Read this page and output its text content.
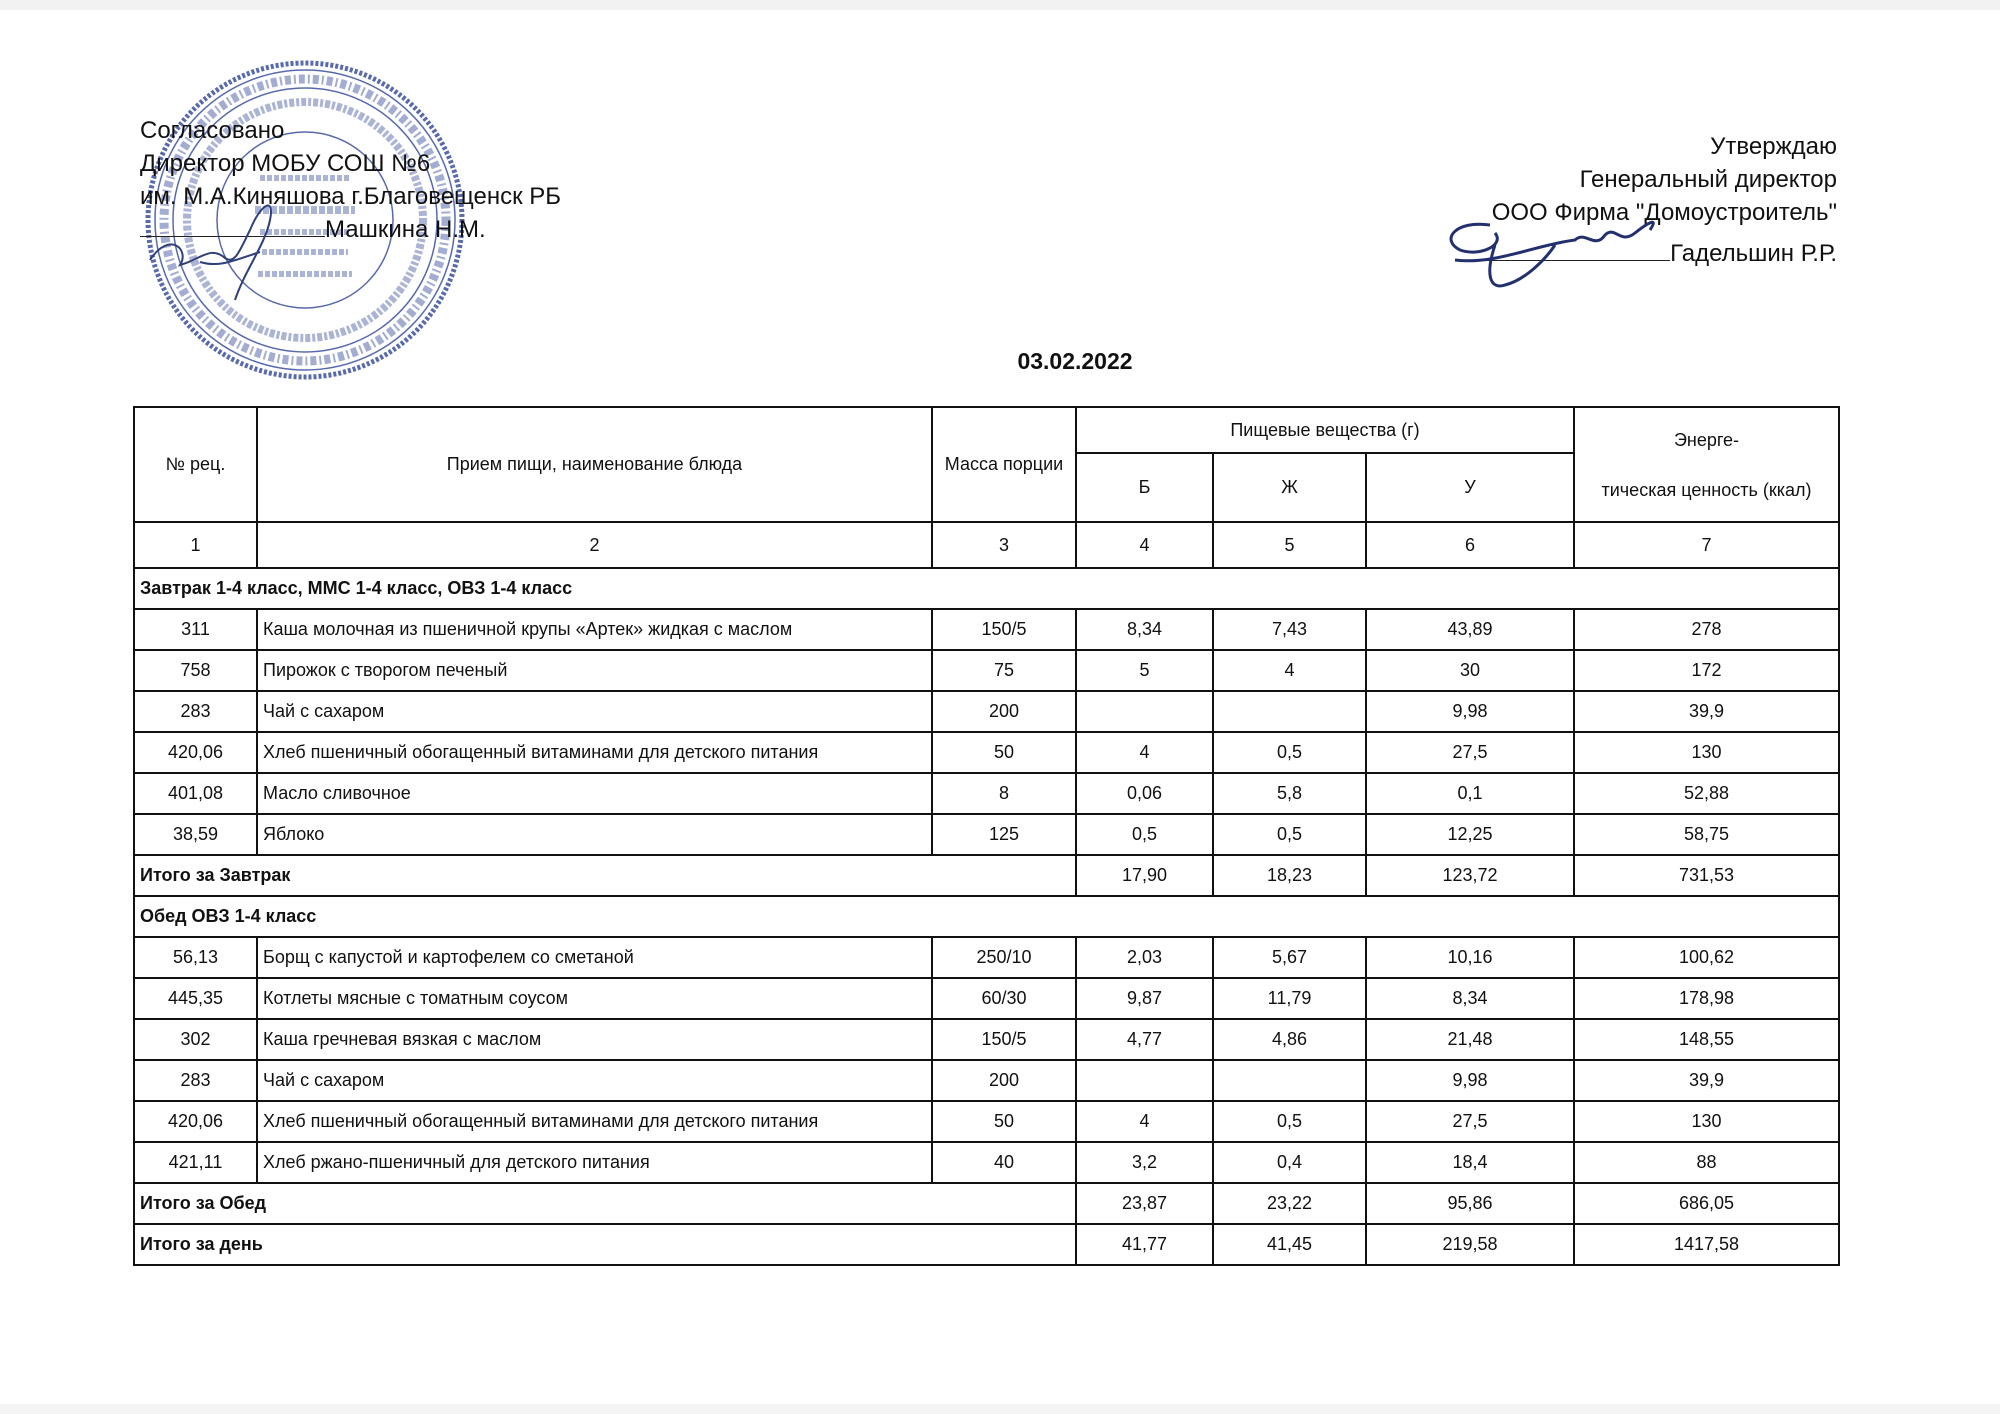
Согласовано
Директор МОБУ СОШ №6
им. М.А.Киняшова г.Благовещенск РБ
Машкина Н.М.
Утверждаю
Генеральный директор
ООО Фирма "Домоустроитель"
Гадельшин Р.Р.
03.02.2022
№ рец.	Прием пищи, наименование блюда	Масса порции	Пищевые вещества (г)			Энерге-
тическая ценность (ккал)

			Б	Ж	У	
1	2	3	4	5	6	7
Завтрак 1-4 класс, ММС 1-4 класс, ОВЗ 1-4 класс						
311	Каша молочная из пшеничной крупы «Артек» жидкая с маслом	150/5	8,34	7,43	43,89	278
758	Пирожок с творогом печеный	75	5	4	30	172
283	Чай с сахаром	200			9,98	39,9
420,06	Хлеб пшеничный обогащенный витаминами для детского питания	50	4	0,5	27,5	130
401,08	Масло сливочное	8	0,06	5,8	0,1	52,88
38,59	Яблоко	125	0,5	0,5	12,25	58,75
Итого за Завтрак			17,90	18,23	123,72	731,53
Обед ОВЗ 1-4 класс						
56,13	Борщ с капустой и картофелем со сметаной	250/10	2,03	5,67	10,16	100,62
445,35	Котлеты мясные с томатным соусом	60/30	9,87	11,79	8,34	178,98
302	Каша гречневая вязкая с маслом	150/5	4,77	4,86	21,48	148,55
283	Чай с сахаром	200			9,98	39,9
420,06	Хлеб пшеничный обогащенный витаминами для детского питания	50	4	0,5	27,5	130
421,11	Хлеб ржано-пшеничный для детского питания	40	3,2	0,4	18,4	88
Итого за Обед			23,87	23,22	95,86	686,05
Итого за день			41,77	41,45	219,58	1417,58
